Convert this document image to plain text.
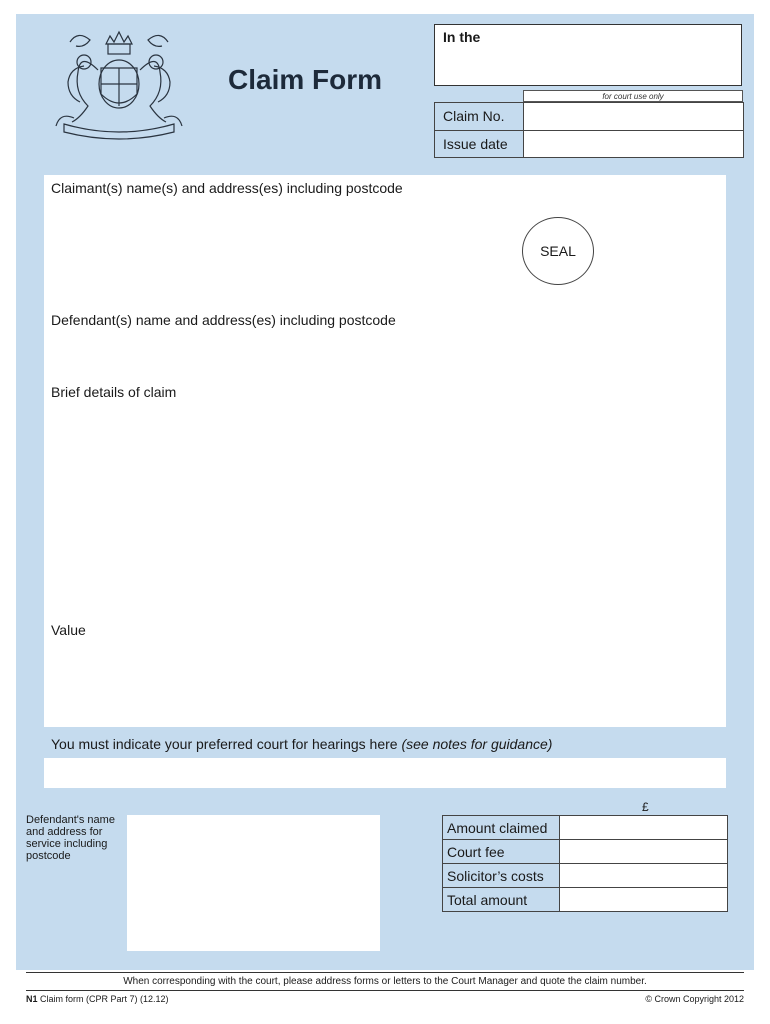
Claim Form
In the
for court use only
Claim No.	
Issue date	
Claimant(s) name(s) and address(es) including postcode
SEAL
Defendant(s) name and address(es) including postcode
Brief details of claim
Value
You must indicate your preferred court for hearings here (see notes for guidance)
Defendant's name and address for service including postcode
£
Amount claimed	
Court fee	
Solicitor’s costs	
Total amount	
When corresponding with the court, please address forms or letters to the Court Manager and quote the claim number.
N1 Claim form (CPR Part 7) (12.12)	© Crown Copyright 2012
